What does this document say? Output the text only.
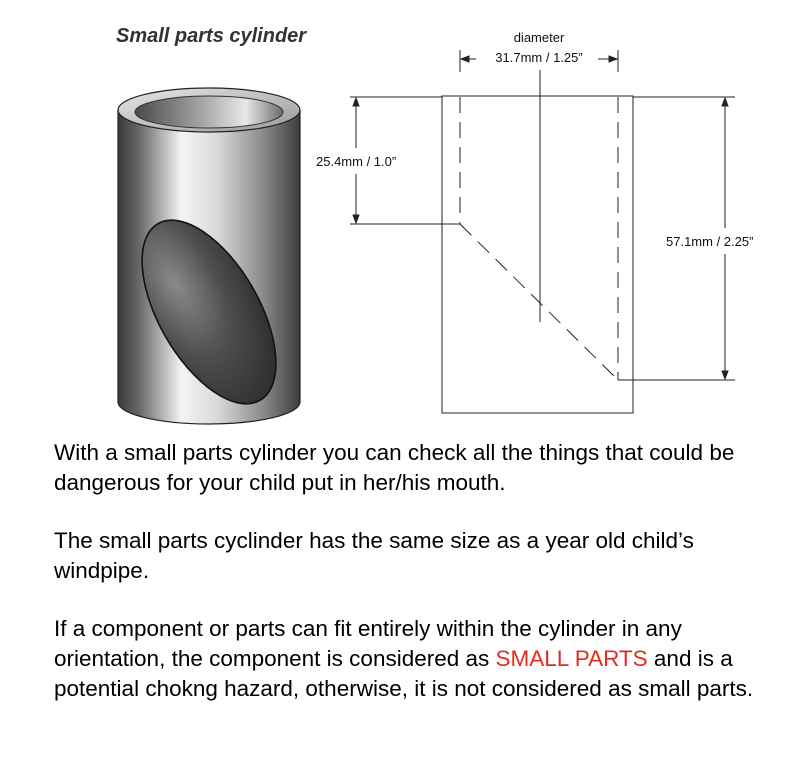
Small parts cylinder	diameter
31.7mm / 1.25”
25.4mm / 1.0”
57.1mm / 2.25”

With a small parts cylinder you can check all the things that could be dangerous for your child put in her/his mouth.

The small parts cyclinder has the same size as a year old child’s windpipe.

If a component or parts can fit entirely within the cylinder in any orientation, the component is considered as SMALL PARTS and is a potential chokng hazard, otherwise, it is not considered as small parts.
